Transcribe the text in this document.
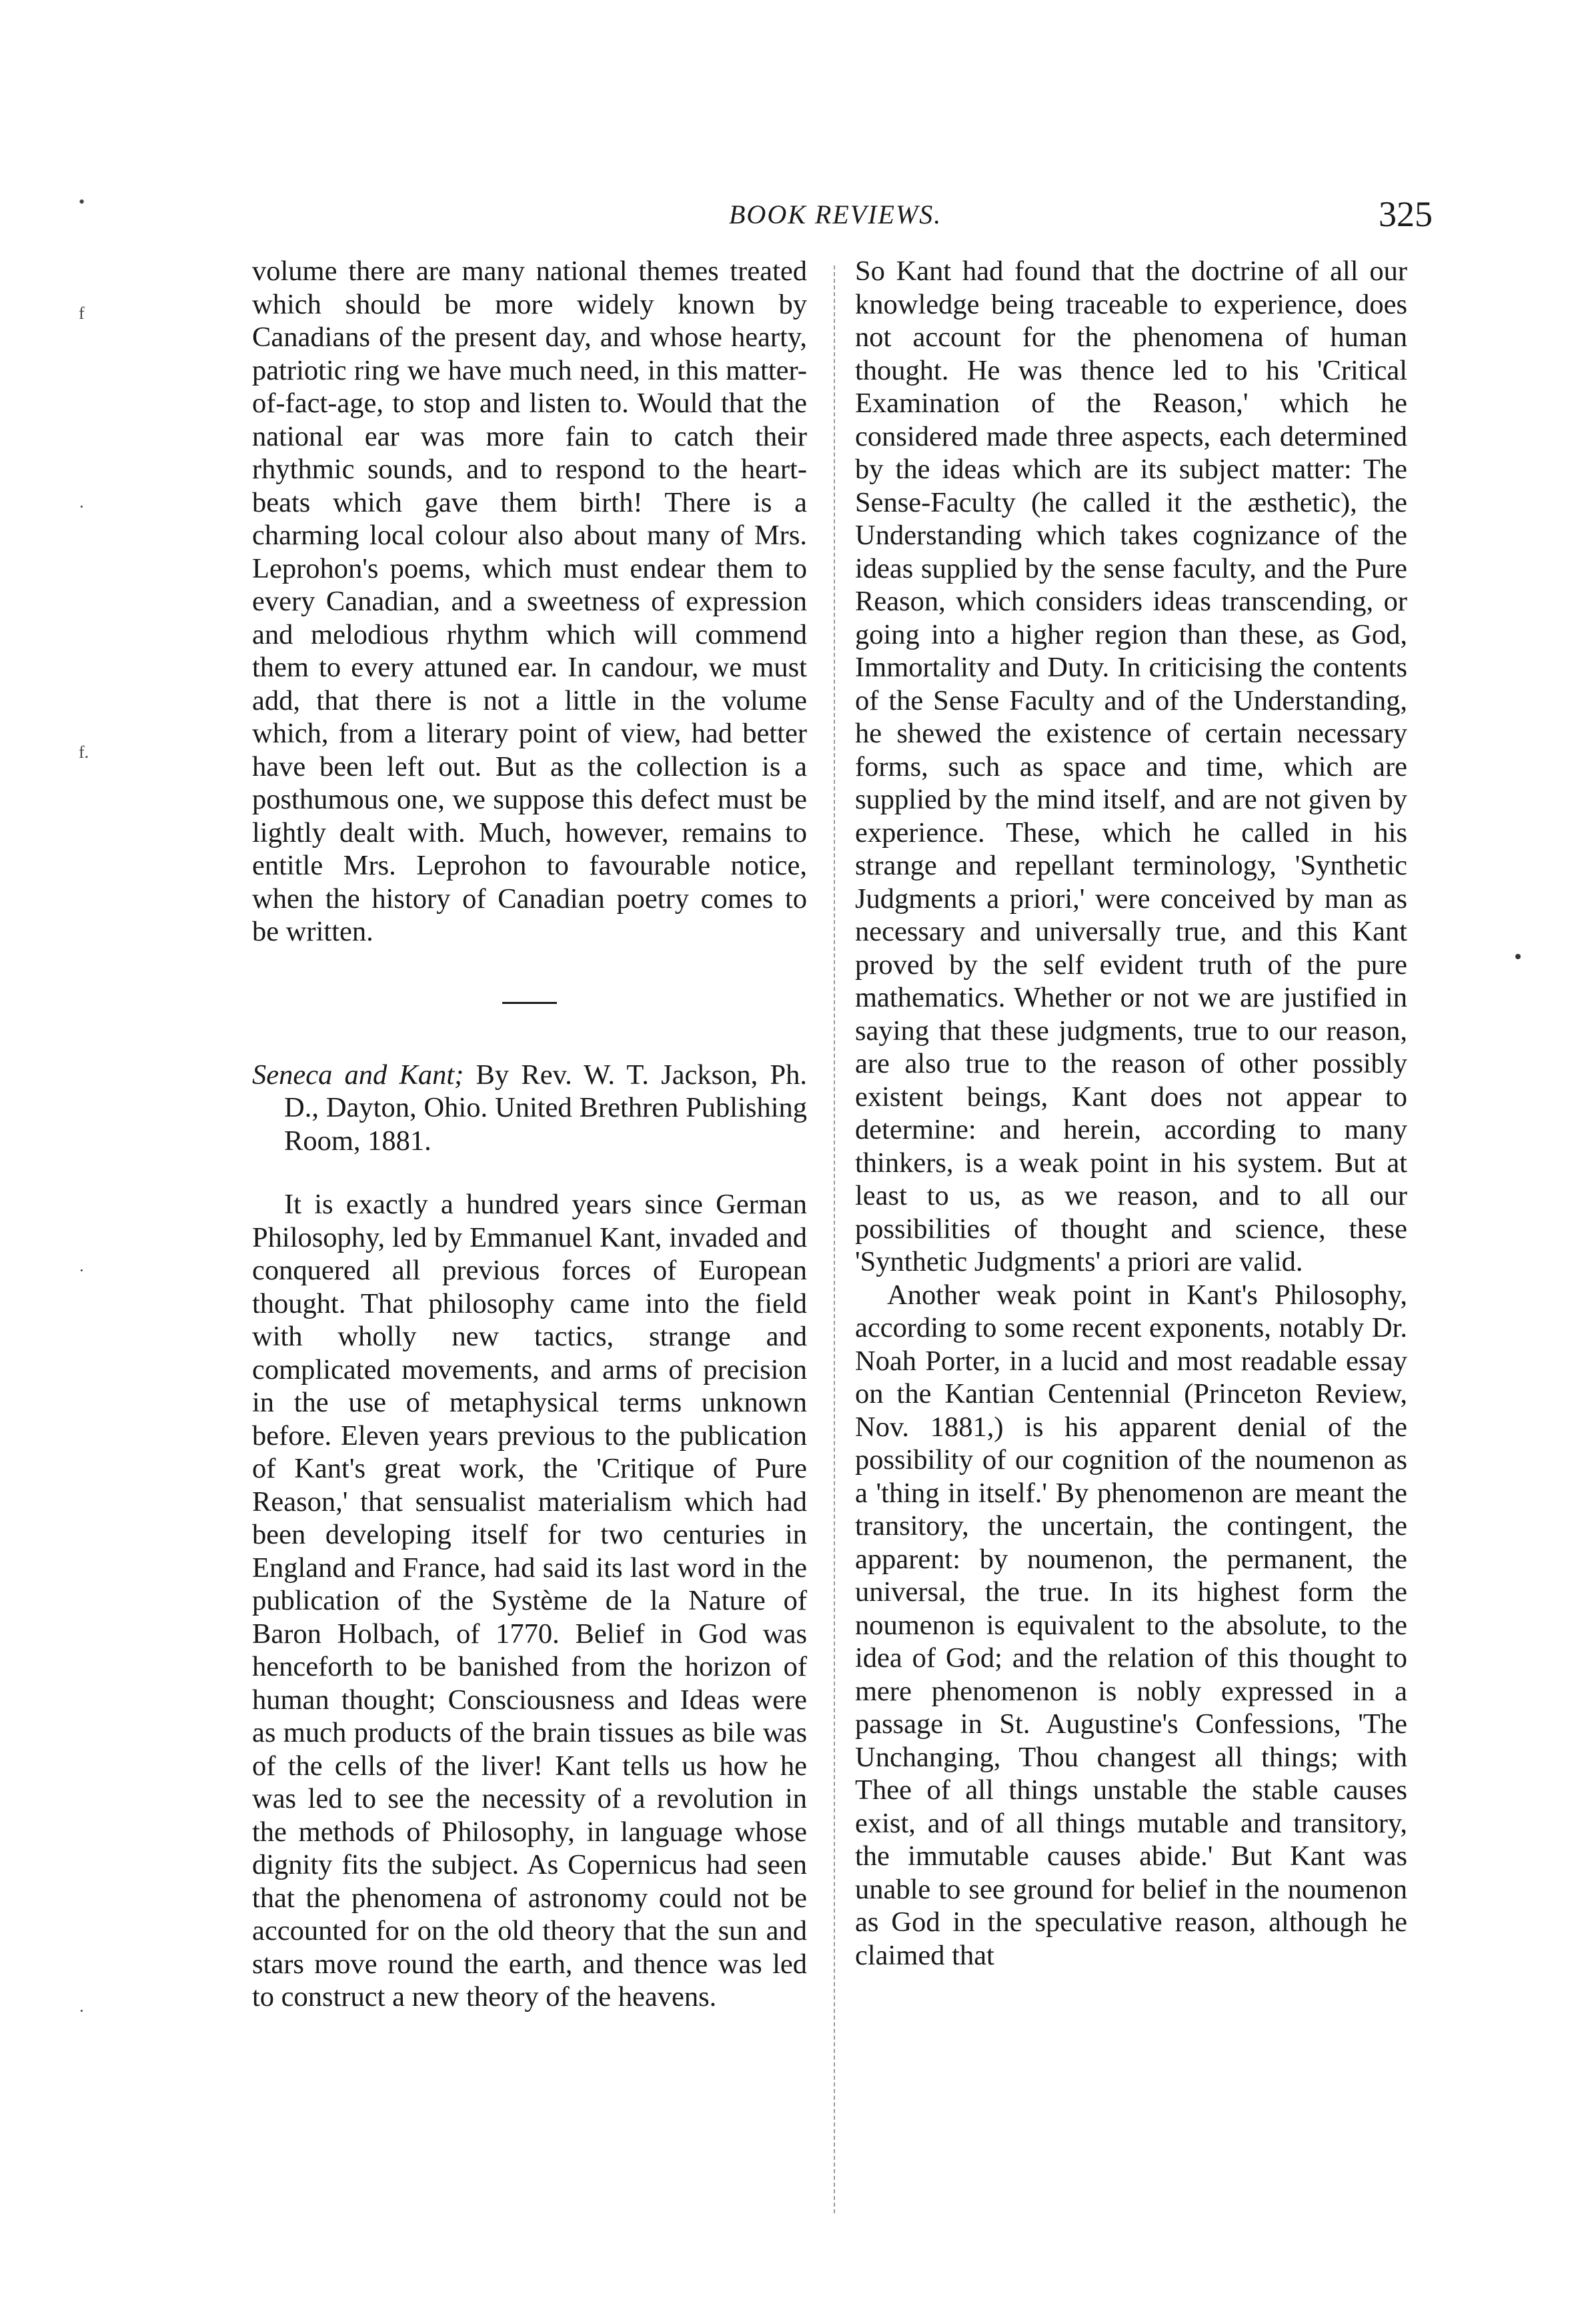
BOOK REVIEWS.	325
•
f
·
f.
·
·

volume there are many national themes treated which should be more widely known by Canadians of the present day, and whose hearty, patriotic ring we have much need, in this matter-of-fact-age, to stop and listen to. Would that the national ear was more fain to catch their rhythmic sounds, and to respond to the heart-beats which gave them birth! There is a charming local colour also about many of Mrs. Leprohon's poems, which must endear them to every Canadian, and a sweetness of expression and melodious rhythm which will commend them to every attuned ear. In candour, we must add, that there is not a little in the volume which, from a literary point of view, had better have been left out. But as the collection is a posthumous one, we suppose this defect must be lightly dealt with. Much, however, remains to entitle Mrs. Leprohon to favourable notice, when the history of Canadian poetry comes to be written.

Seneca and Kant; By Rev. W. T. Jackson, Ph. D., Dayton, Ohio. United Brethren Publishing Room, 1881.

It is exactly a hundred years since German Philosophy, led by Emmanuel Kant, invaded and conquered all previous forces of European thought. That philosophy came into the field with wholly new tactics, strange and complicated movements, and arms of precision in the use of metaphysical terms unknown before. Eleven years previous to the publication of Kant's great work, the 'Critique of Pure Reason,' that sensualist materialism which had been developing itself for two centuries in England and France, had said its last word in the publication of the Système de la Nature of Baron Holbach, of 1770. Belief in God was henceforth to be banished from the horizon of human thought; Consciousness and Ideas were as much products of the brain tissues as bile was of the cells of the liver! Kant tells us how he was led to see the necessity of a revolution in the methods of Philosophy, in language whose dignity fits the subject. As Copernicus had seen that the phenomena of astronomy could not be accounted for on the old theory that the sun and stars move round the earth, and thence was led to construct a new theory of the heavens.

So Kant had found that the doctrine of all our knowledge being traceable to experience, does not account for the phenomena of human thought. He was thence led to his 'Critical Examination of the Reason,' which he considered made three aspects, each determined by the ideas which are its subject matter: The Sense-Faculty (he called it the æsthetic), the Understanding which takes cognizance of the ideas supplied by the sense faculty, and the Pure Reason, which considers ideas transcending, or going into a higher region than these, as God, Immortality and Duty. In criticising the contents of the Sense Faculty and of the Understanding, he shewed the existence of certain necessary forms, such as space and time, which are supplied by the mind itself, and are not given by experience. These, which he called in his strange and repellant terminology, 'Synthetic Judgments a priori,' were conceived by man as necessary and universally true, and this Kant proved by the self evident truth of the pure mathematics. Whether or not we are justified in saying that these judgments, true to our reason, are also true to the reason of other possibly existent beings, Kant does not appear to determine: and herein, according to many thinkers, is a weak point in his system. But at least to us, as we reason, and to all our possibilities of thought and science, these 'Synthetic Judgments' a priori are valid.

Another weak point in Kant's Philosophy, according to some recent exponents, notably Dr. Noah Porter, in a lucid and most readable essay on the Kantian Centennial (Princeton Review, Nov. 1881,) is his apparent denial of the possibility of our cognition of the noumenon as a 'thing in itself.' By phenomenon are meant the transitory, the uncertain, the contingent, the apparent: by noumenon, the permanent, the universal, the true. In its highest form the noumenon is equivalent to the absolute, to the idea of God; and the relation of this thought to mere phenomenon is nobly expressed in a passage in St. Augustine's Confessions, 'The Unchanging, Thou changest all things; with Thee of all things unstable the stable causes exist, and of all things mutable and transitory, the immutable causes abide.' But Kant was unable to see ground for belief in the noumenon as God in the speculative reason, although he claimed that
